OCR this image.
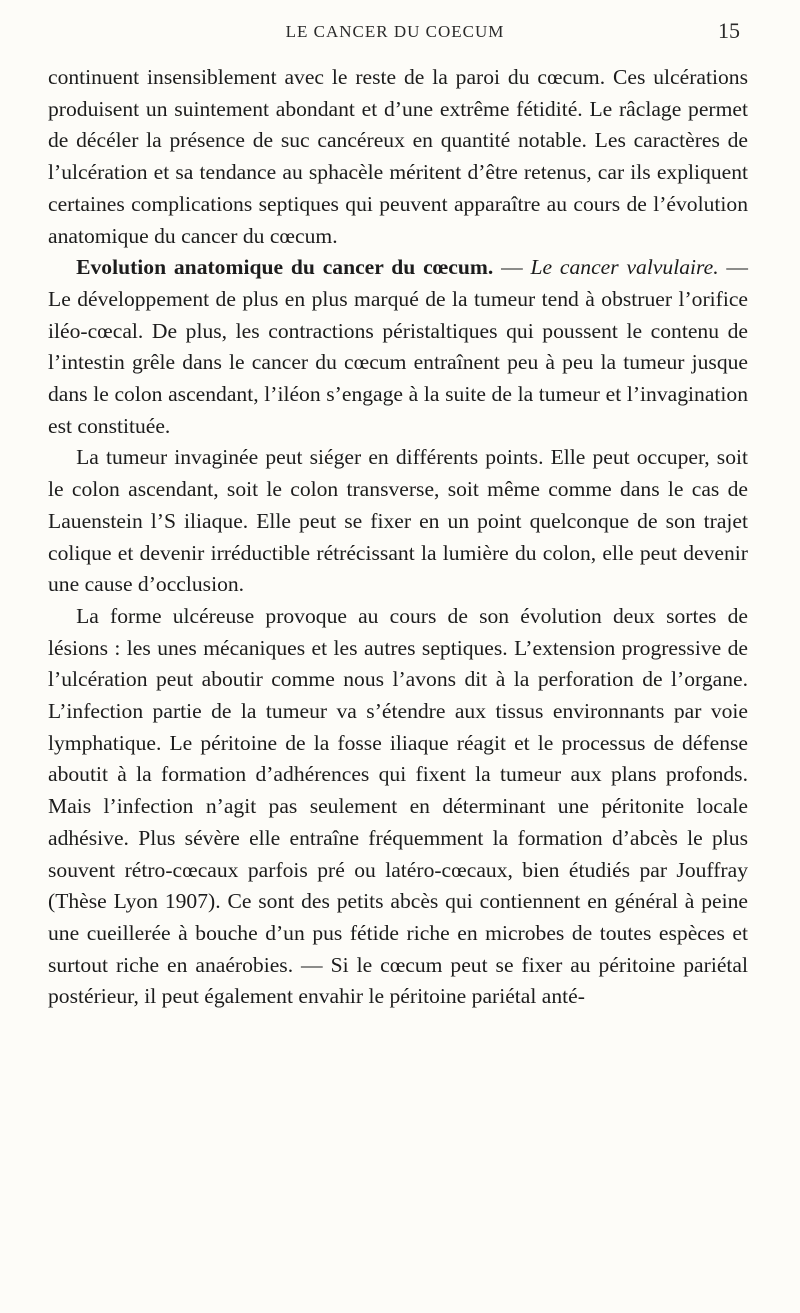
LE CANCER DU COECUM	15

continuent insensiblement avec le reste de la paroi du cœcum. Ces ulcérations produisent un suintement abondant et d’une extrême fétidité. Le râclage permet de décéler la présence de suc cancéreux en quantité notable. Les caractères de l’ulcération et sa tendance au sphacèle méritent d’être retenus, car ils expliquent certaines complications septiques qui peuvent apparaître au cours de l’évolution anatomique du cancer du cœcum.

Evolution anatomique du cancer du cœcum. — Le cancer valvulaire. — Le développement de plus en plus marqué de la tumeur tend à obstruer l’orifice iléo-cœcal. De plus, les contractions péristaltiques qui poussent le contenu de l’intestin grêle dans le cancer du cœcum entraînent peu à peu la tumeur jusque dans le colon ascendant, l’iléon s’engage à la suite de la tumeur et l’invagination est constituée.

La tumeur invaginée peut siéger en différents points. Elle peut occuper, soit le colon ascendant, soit le colon transverse, soit même comme dans le cas de Lauenstein l’S iliaque. Elle peut se fixer en un point quelconque de son trajet colique et devenir irréductible rétrécissant la lumière du colon, elle peut devenir une cause d’occlusion.

La forme ulcéreuse provoque au cours de son évolution deux sortes de lésions : les unes mécaniques et les autres septiques. L’extension progressive de l’ulcération peut aboutir comme nous l’avons dit à la perforation de l’organe. L’infection partie de la tumeur va s’étendre aux tissus environnants par voie lymphatique. Le péritoine de la fosse iliaque réagit et le processus de défense aboutit à la formation d’adhérences qui fixent la tumeur aux plans profonds. Mais l’infection n’agit pas seulement en déterminant une péritonite locale adhésive. Plus sévère elle entraîne fréquemment la formation d’abcès le plus souvent rétro-cœcaux parfois pré ou latéro-cœcaux, bien étudiés par Jouffray (Thèse Lyon 1907). Ce sont des petits abcès qui contiennent en général à peine une cueillerée à bouche d’un pus fétide riche en microbes de toutes espèces et surtout riche en anaérobies. — Si le cœcum peut se fixer au péritoine pariétal postérieur, il peut également envahir le péritoine pariétal anté-
